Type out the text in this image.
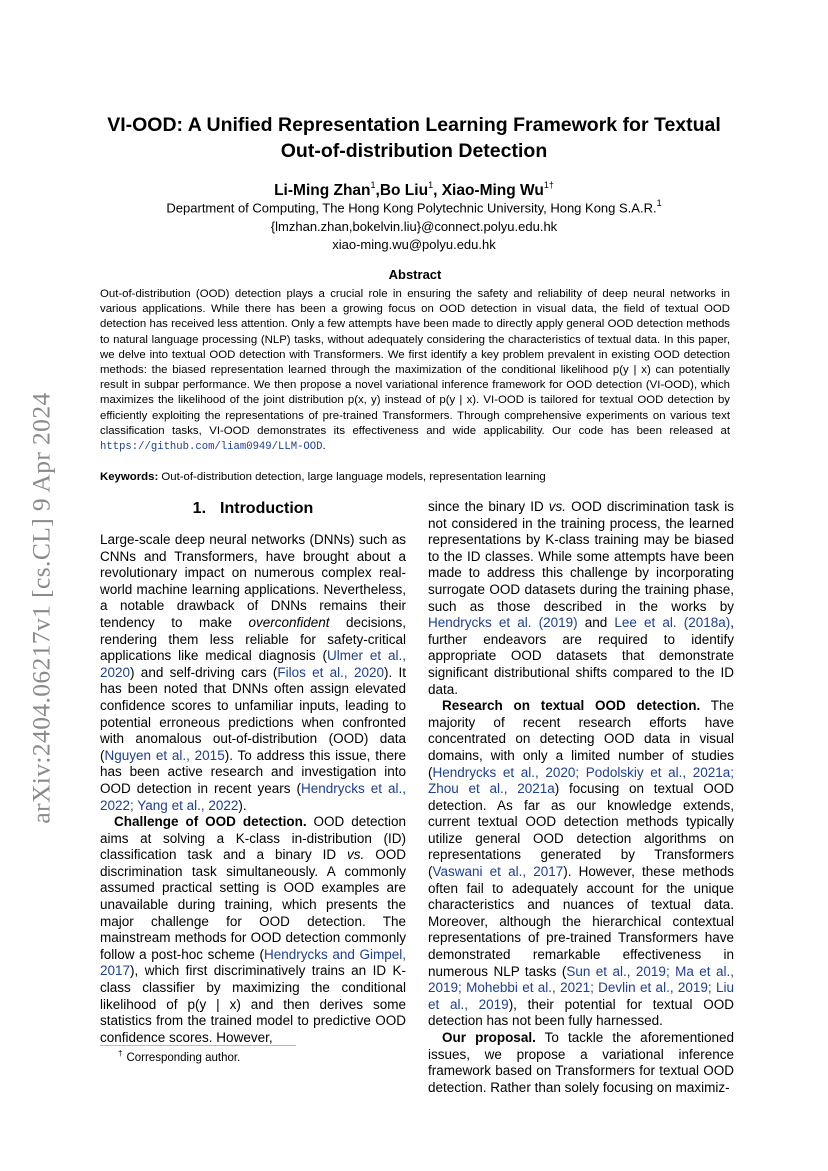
arXiv:2404.06217v1 [cs.CL] 9 Apr 2024
VI-OOD: A Unified Representation Learning Framework for Textual Out-of-distribution Detection
Li-Ming Zhan$^1$,Bo Liu$^1$, Xiao-Ming $Wu^{1\dagger}$
Department of Computing, The Hong Kong Polytechnic University, Hong Kong S.A.R.$^1$
{lmzhan.zhan,bokelvin.liu}@connect.polyu.edu.hk
xiao-ming.wu@polyu.edu.hk
Abstract
Out-of-distribution (OOD) detection plays a crucial role in ensuring the safety and reliability of deep neural networks in various applications. While there has been a growing focus on OOD detection in visual data, the field of textual OOD detection has received less attention. Only a few attempts have been made to directly apply general OOD detection methods to natural language processing (NLP) tasks, without adequately considering the characteristics of textual data. In this paper, we delve into textual OOD detection with Transformers. We first identify a key problem prevalent in existing OOD detection methods: the biased representation learned through the maximization of the conditional likelihood p(y | x) can potentially result in subpar performance. We then propose a novel variational inference framework for OOD detection (VI-OOD), which maximizes the likelihood of the joint distribution p(x, y) instead of p(y | x). VI-OOD is tailored for textual OOD detection by efficiently exploiting the representations of pre-trained Transformers. Through comprehensive experiments on various text classification tasks, VI-OOD demonstrates its effectiveness and wide applicability. Our code has been released at https://github.com/liam0949/LLM-OOD.
Keywords: Out-of-distribution detection, large language models, representation learning
1. Introduction

Large-scale deep neural networks (DNNs) such as CNNs and Transformers, have brought about a revolutionary impact on numerous complex real-world machine learning applications. Nevertheless, a notable drawback of DNNs remains their tendency to make overconfident decisions, rendering them less reliable for safety-critical applications like medical diagnosis (Ulmer et al., 2020) and self-driving cars (Filos et al., 2020). It has been noted that DNNs often assign elevated confidence scores to unfamiliar inputs, leading to potential erroneous predictions when confronted with anomalous out-of-distribution (OOD) data (Nguyen et al., 2015). To address this issue, there has been active research and investigation into OOD detection in recent years (Hendrycks et al., 2022; Yang et al., 2022).

Challenge of OOD detection. OOD detection aims at solving a K-class in-distribution (ID) classification task and a binary ID vs. OOD discrimination task simultaneously. A commonly assumed practical setting is OOD examples are unavailable during training, which presents the major challenge for OOD detection. The mainstream methods for OOD detection commonly follow a post-hoc scheme (Hendrycks and Gimpel, 2017), which first discriminatively trains an ID K-class classifier by maximizing the conditional likelihood of p(y | x) and then derives some statistics from the trained model to predictive OOD confidence scores. However,

since the binary ID vs. OOD discrimination task is not considered in the training process, the learned representations by K-class training may be biased to the ID classes. While some attempts have been made to address this challenge by incorporating surrogate OOD datasets during the training phase, such as those described in the works by Hendrycks et al. (2019) and Lee et al. (2018a), further endeavors are required to identify appropriate OOD datasets that demonstrate significant distributional shifts compared to the ID data.

Research on textual OOD detection. The majority of recent research efforts have concentrated on detecting OOD data in visual domains, with only a limited number of studies (Hendrycks et al., 2020; Podolskiy et al., 2021a; Zhou et al., 2021a) focusing on textual OOD detection. As far as our knowledge extends, current textual OOD detection methods typically utilize general OOD detection algorithms on representations generated by Transformers (Vaswani et al., 2017). However, these methods often fail to adequately account for the unique characteristics and nuances of textual data. Moreover, although the hierarchical contextual representations of pre-trained Transformers have demonstrated remarkable effectiveness in numerous NLP tasks (Sun et al., 2019; Ma et al., 2019; Mohebbi et al., 2021; Devlin et al., 2019; Liu et al., 2019), their potential for textual OOD detection has not been fully harnessed.

Our proposal. To tackle the aforementioned issues, we propose a variational inference framework based on Transformers for textual OOD detection. Rather than solely focusing on maximiz-

† Corresponding author.
